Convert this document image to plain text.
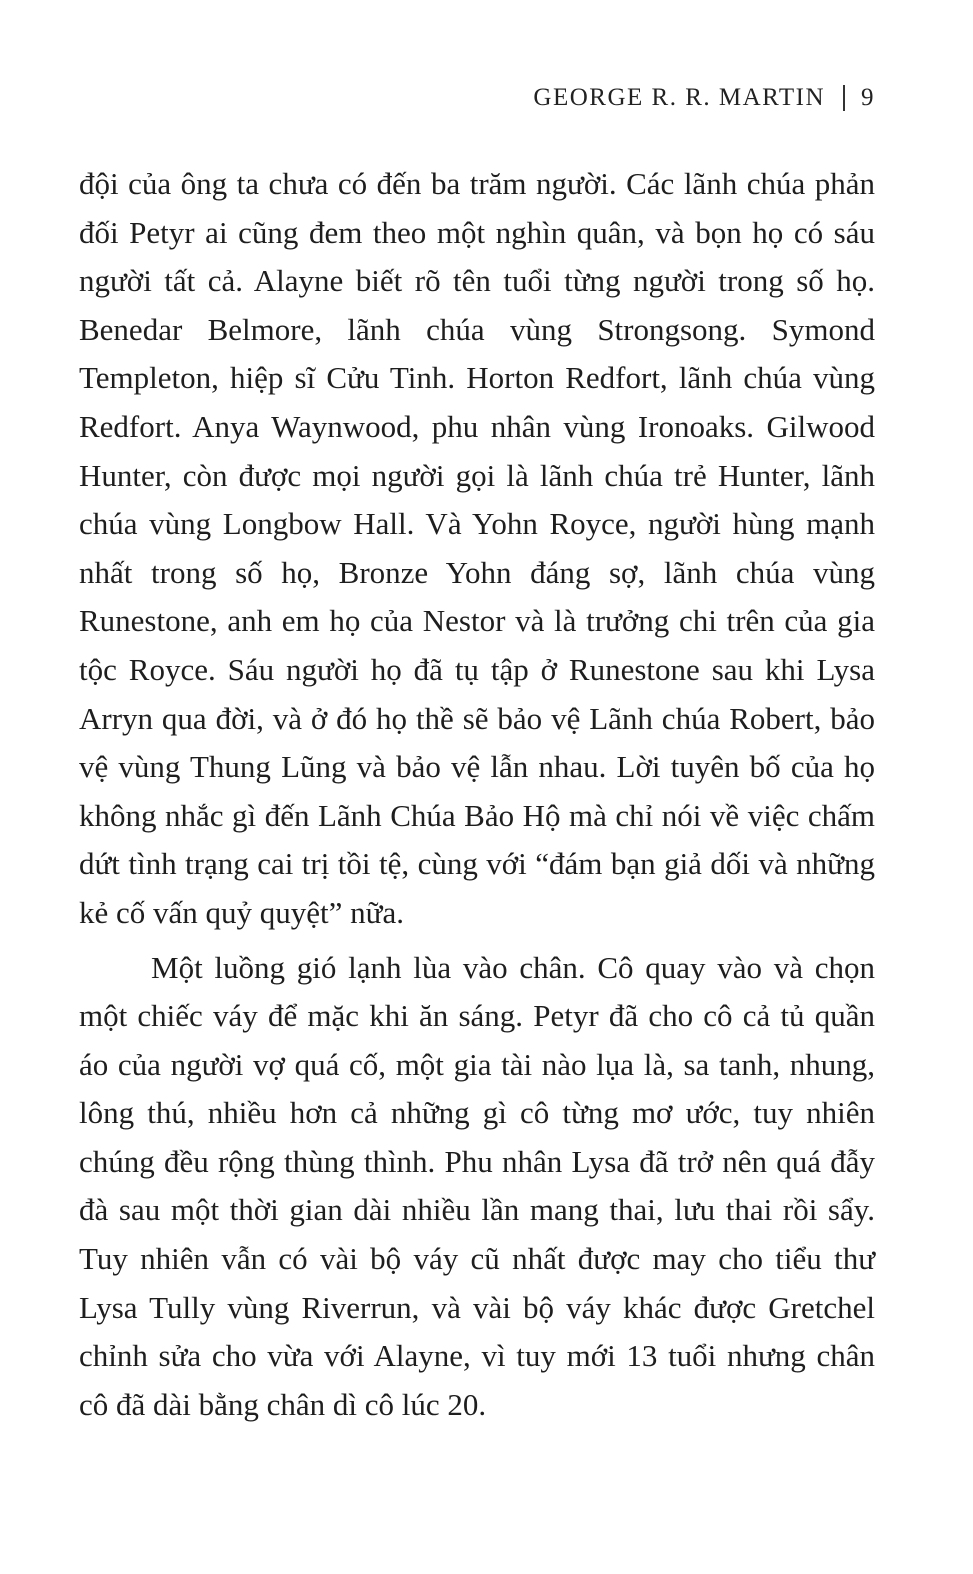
GEORGE R. R. MARTIN 9

đội của ông ta chưa có đến ba trăm người. Các lãnh chúa phản đối Petyr ai cũng đem theo một nghìn quân, và bọn họ có sáu người tất cả. Alayne biết rõ tên tuổi từng người trong số họ. Benedar Belmore, lãnh chúa vùng Strongsong. Symond Templeton, hiệp sĩ Cửu Tinh. Horton Redfort, lãnh chúa vùng Redfort. Anya Waynwood, phu nhân vùng Ironoaks. Gilwood Hunter, còn được mọi người gọi là lãnh chúa trẻ Hunter, lãnh chúa vùng Longbow Hall. Và Yohn Royce, người hùng mạnh nhất trong số họ, Bronze Yohn đáng sợ, lãnh chúa vùng Runestone, anh em họ của Nestor và là trưởng chi trên của gia tộc Royce. Sáu người họ đã tụ tập ở Runestone sau khi Lysa Arryn qua đời, và ở đó họ thề sẽ bảo vệ Lãnh chúa Robert, bảo vệ vùng Thung Lũng và bảo vệ lẫn nhau. Lời tuyên bố của họ không nhắc gì đến Lãnh Chúa Bảo Hộ mà chỉ nói về việc chấm dứt tình trạng cai trị tồi tệ, cùng với “đám bạn giả dối và những kẻ cố vấn quỷ quyệt” nữa.

Một luồng gió lạnh lùa vào chân. Cô quay vào và chọn một chiếc váy để mặc khi ăn sáng. Petyr đã cho cô cả tủ quần áo của người vợ quá cố, một gia tài nào lụa là, sa tanh, nhung, lông thú, nhiều hơn cả những gì cô từng mơ ước, tuy nhiên chúng đều rộng thùng thình. Phu nhân Lysa đã trở nên quá đẫy đà sau một thời gian dài nhiều lần mang thai, lưu thai rồi sẩy. Tuy nhiên vẫn có vài bộ váy cũ nhất được may cho tiểu thư Lysa Tully vùng Riverrun, và vài bộ váy khác được Gretchel chỉnh sửa cho vừa với Alayne, vì tuy mới 13 tuổi nhưng chân cô đã dài bằng chân dì cô lúc 20.
